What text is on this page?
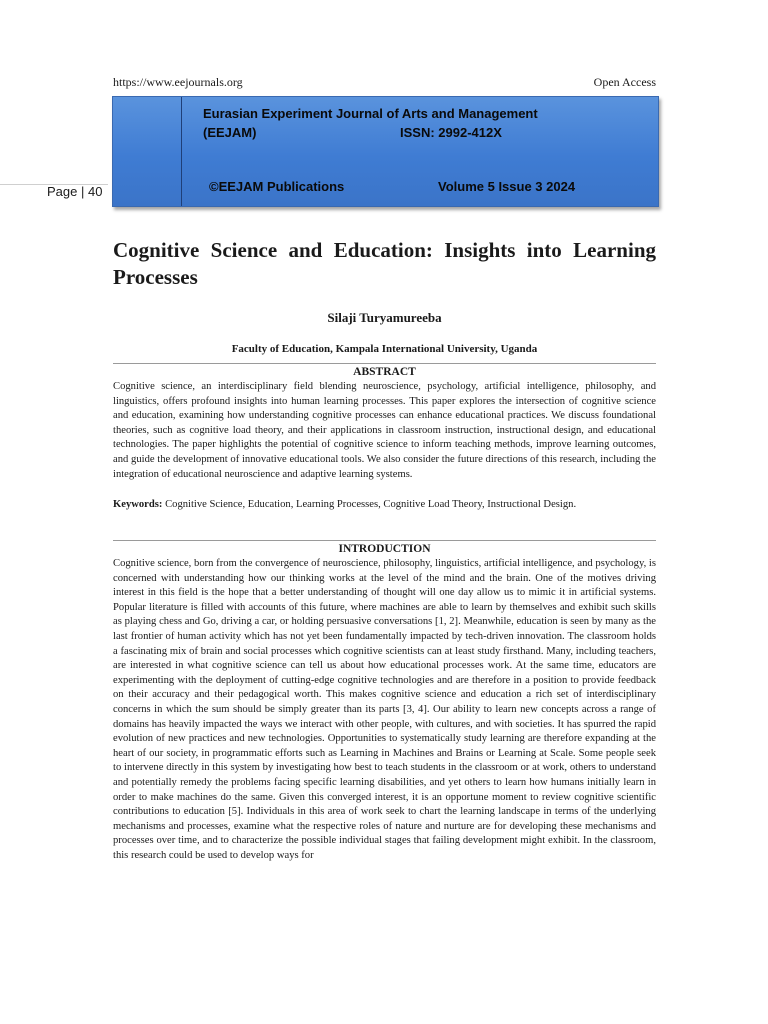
https://www.eejournals.org	Open Access
Page | 40
Eurasian Experiment Journal of Arts and Management
(EEJAM)	ISSN: 2992-412X
©EEJAM Publications	Volume 5 Issue 3 2024
Cognitive Science and Education: Insights into Learning Processes
Silaji Turyamureeba
Faculty of Education, Kampala International University, Uganda
ABSTRACT
Cognitive science, an interdisciplinary field blending neuroscience, psychology, artificial intelligence, philosophy, and linguistics, offers profound insights into human learning processes. This paper explores the intersection of cognitive science and education, examining how understanding cognitive processes can enhance educational practices. We discuss foundational theories, such as cognitive load theory, and their applications in classroom instruction, instructional design, and educational technologies. The paper highlights the potential of cognitive science to inform teaching methods, improve learning outcomes, and guide the development of innovative educational tools. We also consider the future directions of this research, including the integration of educational neuroscience and adaptive learning systems.
Keywords: Cognitive Science, Education, Learning Processes, Cognitive Load Theory, Instructional Design.
INTRODUCTION
Cognitive science, born from the convergence of neuroscience, philosophy, linguistics, artificial intelligence, and psychology, is concerned with understanding how our thinking works at the level of the mind and the brain. One of the motives driving interest in this field is the hope that a better understanding of thought will one day allow us to mimic it in artificial systems. Popular literature is filled with accounts of this future, where machines are able to learn by themselves and exhibit such skills as playing chess and Go, driving a car, or holding persuasive conversations [1, 2]. Meanwhile, education is seen by many as the last frontier of human activity which has not yet been fundamentally impacted by tech-driven innovation. The classroom holds a fascinating mix of brain and social processes which cognitive scientists can at least study firsthand. Many, including teachers, are interested in what cognitive science can tell us about how educational processes work. At the same time, educators are experimenting with the deployment of cutting-edge cognitive technologies and are therefore in a position to provide feedback on their accuracy and their pedagogical worth. This makes cognitive science and education a rich set of interdisciplinary concerns in which the sum should be simply greater than its parts [3, 4]. Our ability to learn new concepts across a range of domains has heavily impacted the ways we interact with other people, with cultures, and with societies. It has spurred the rapid evolution of new practices and new technologies. Opportunities to systematically study learning are therefore expanding at the heart of our society, in programmatic efforts such as Learning in Machines and Brains or Learning at Scale. Some people seek to intervene directly in this system by investigating how best to teach students in the classroom or at work, others to understand and potentially remedy the problems facing specific learning disabilities, and yet others to learn how humans initially learn in order to make machines do the same. Given this converged interest, it is an opportune moment to review cognitive scientific contributions to education [5]. Individuals in this area of work seek to chart the learning landscape in terms of the underlying mechanisms and processes, examine what the respective roles of nature and nurture are for developing these mechanisms and processes over time, and to characterize the possible individual stages that failing development might exhibit. In the classroom, this research could be used to develop ways for
